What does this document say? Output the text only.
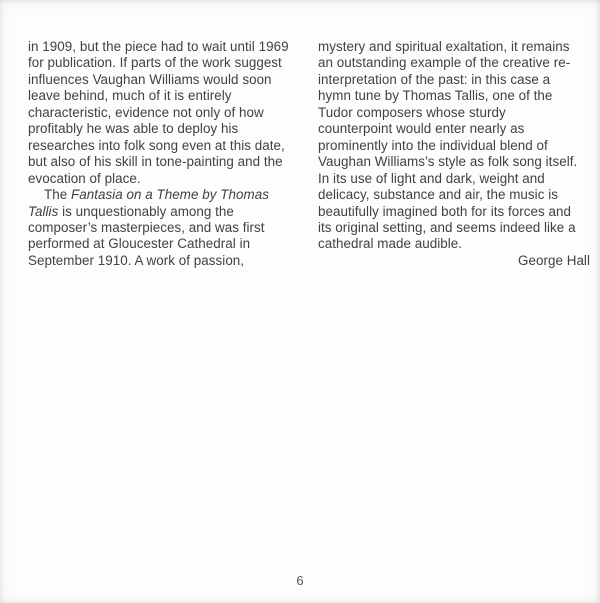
in 1909, but the piece had to wait until 1969
for publication. If parts of the work suggest
influences Vaughan Williams would soon
leave behind, much of it is entirely
characteristic, evidence not only of how
profitably he was able to deploy his
researches into folk song even at this date,
but also of his skill in tone-painting and the
evocation of place.
The Fantasia on a Theme by Thomas
Tallis is unquestionably among the
composer’s masterpieces, and was first
performed at Gloucester Cathedral in
September 1910. A work of passion,
mystery and spiritual exaltation, it remains
an outstanding example of the creative re-
interpretation of the past: in this case a
hymn tune by Thomas Tallis, one of the
Tudor composers whose sturdy
counterpoint would enter nearly as
prominently into the individual blend of
Vaughan Williams’s style as folk song itself.
In its use of light and dark, weight and
delicacy, substance and air, the music is
beautifully imagined both for its forces and
its original setting, and seems indeed like a
cathedral made audible.
George Hall
6
